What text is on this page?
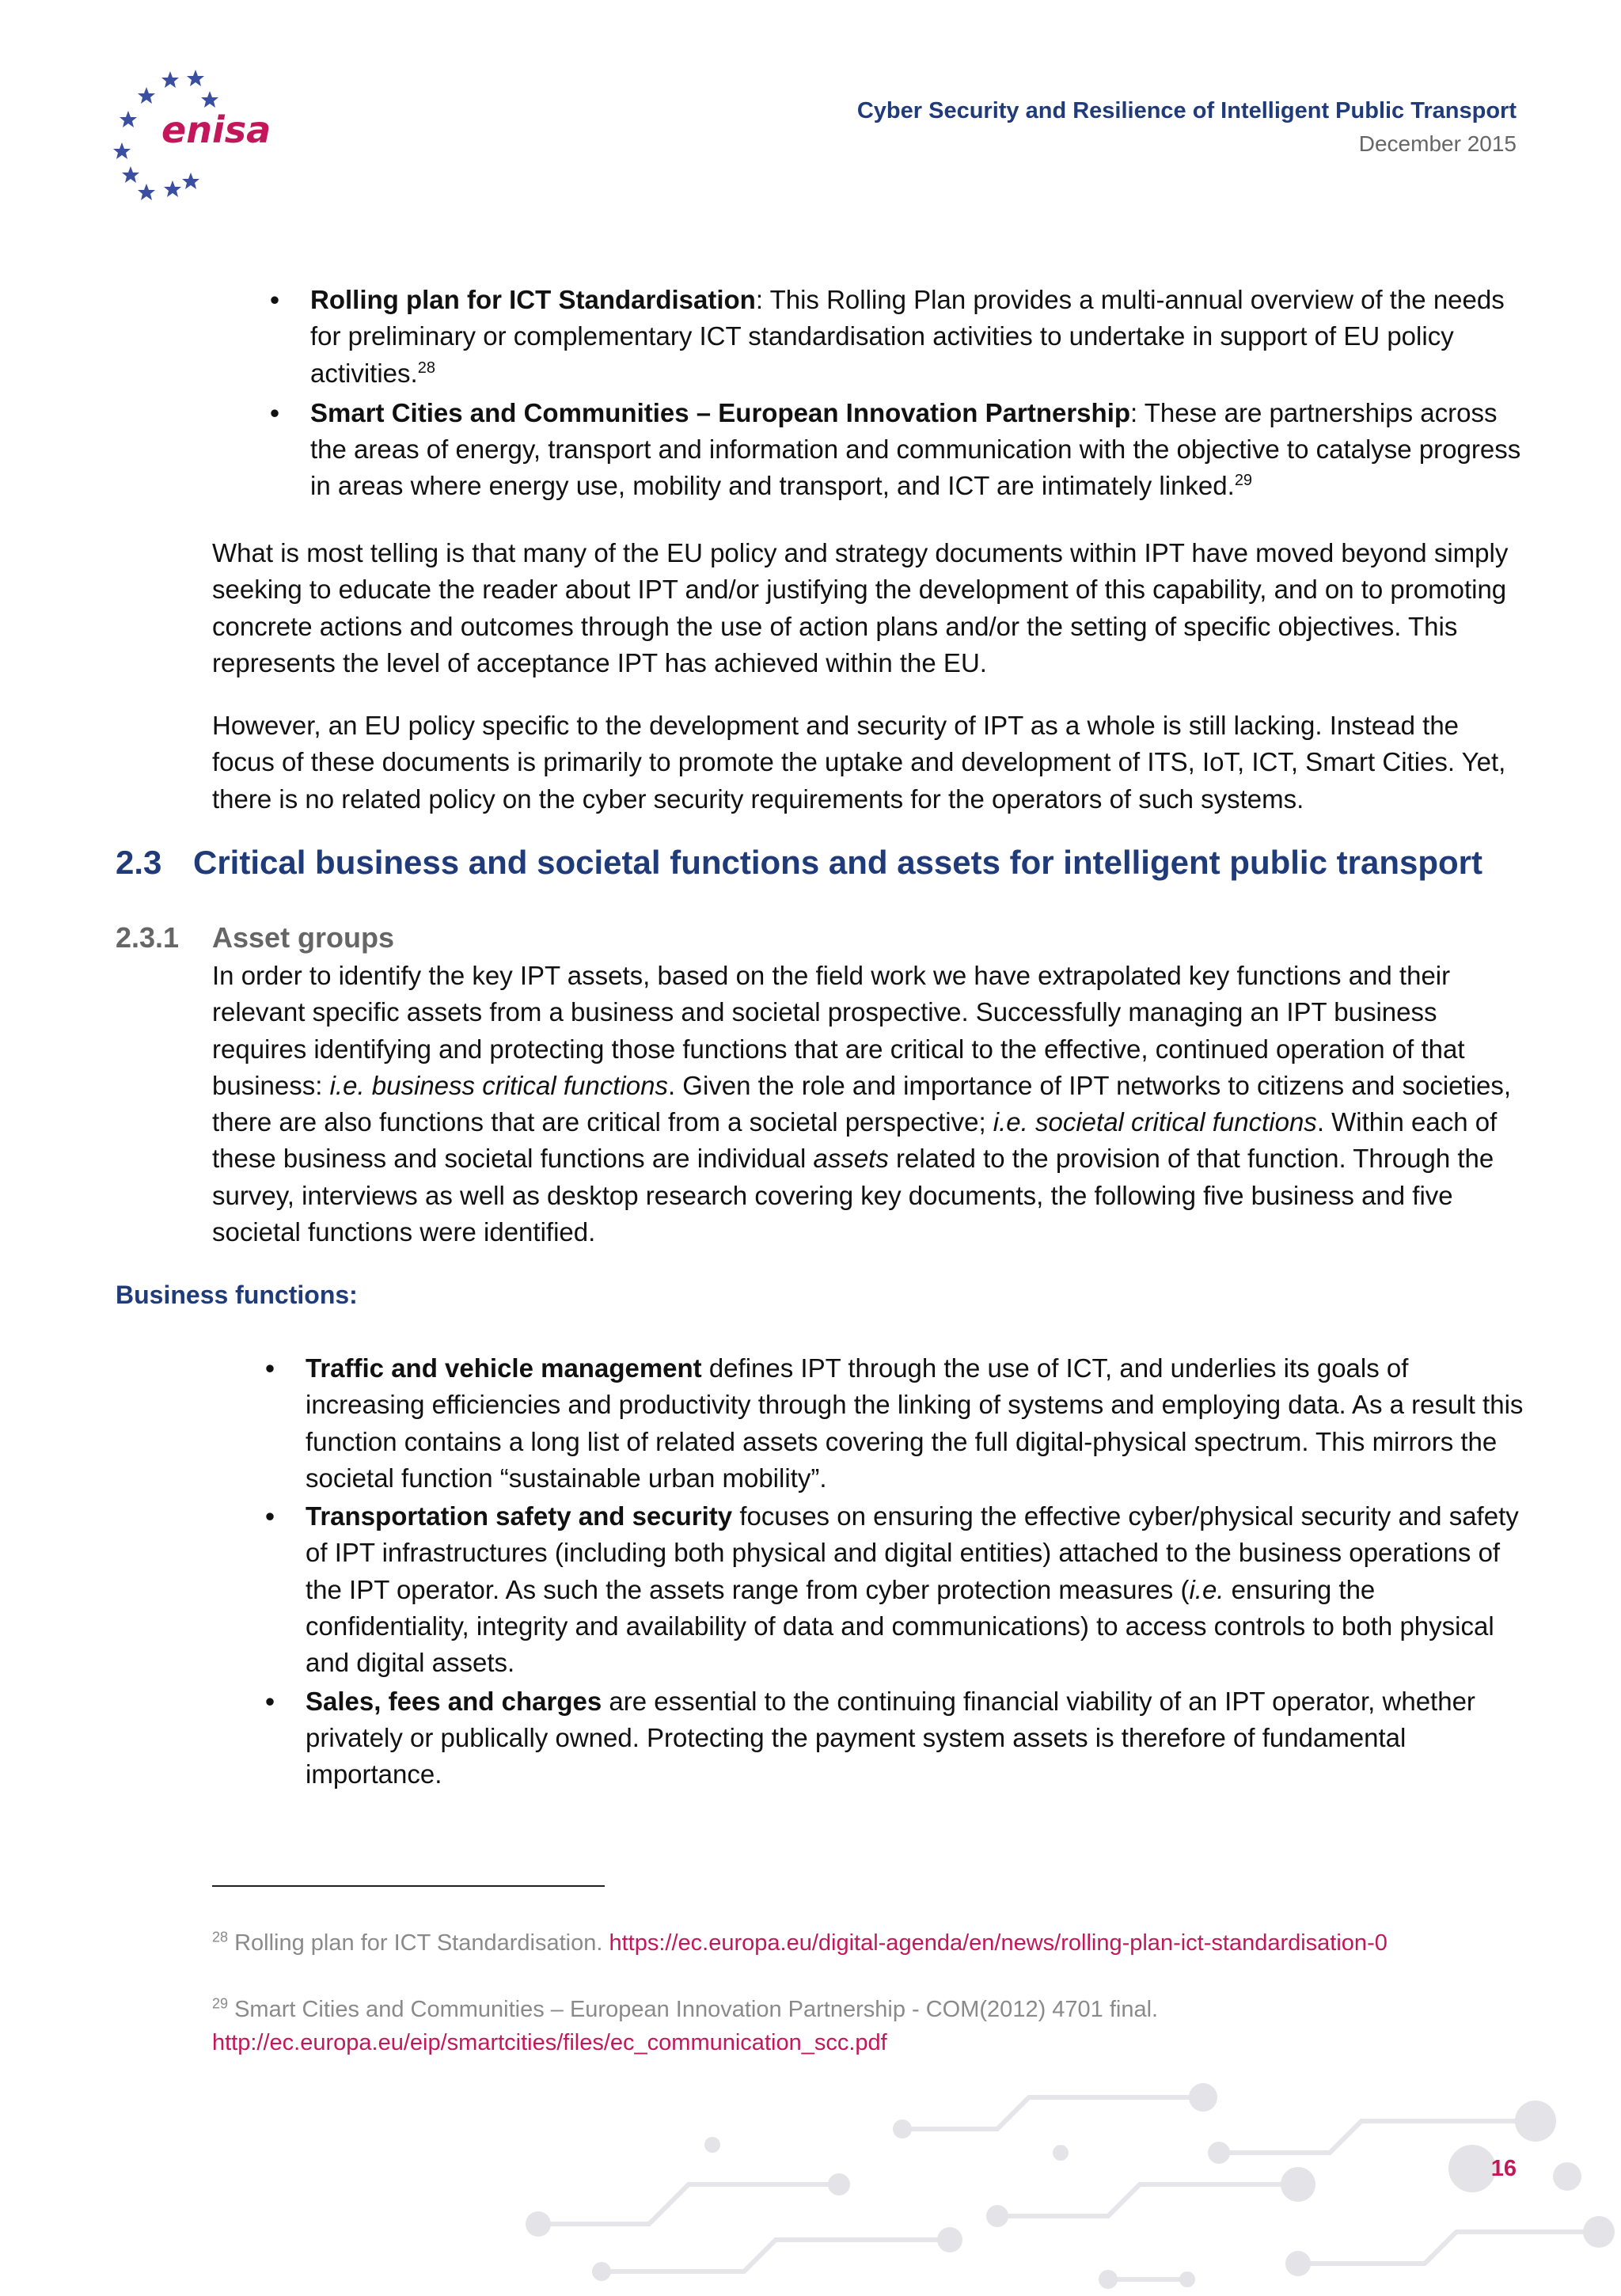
enisa	Cyber Security and Resilience of Intelligent Public Transport
December 2015
• Rolling plan for ICT Standardisation: This Rolling Plan provides a multi-annual overview of the needs for preliminary or complementary ICT standardisation activities to undertake in support of EU policy activities.$^{28}$
• Smart Cities and Communities – European Innovation Partnership: These are partnerships across the areas of energy, transport and information and communication with the objective to catalyse progress in areas where energy use, mobility and transport, and ICT are intimately linked.$^{29}$
What is most telling is that many of the EU policy and strategy documents within IPT have moved beyond simply seeking to educate the reader about IPT and/or justifying the development of this capability, and on to promoting concrete actions and outcomes through the use of action plans and/or the setting of specific objectives. This represents the level of acceptance IPT has achieved within the EU.
However, an EU policy specific to the development and security of IPT as a whole is still lacking. Instead the focus of these documents is primarily to promote the uptake and development of ITS, IoT, ICT, Smart Cities. Yet, there is no related policy on the cyber security requirements for the operators of such systems.
2.3 Critical business and societal functions and assets for intelligent public transport
2.3.1 Asset groups
In order to identify the key IPT assets, based on the field work we have extrapolated key functions and their relevant specific assets from a business and societal prospective. Successfully managing an IPT business requires identifying and protecting those functions that are critical to the effective, continued operation of that business: i.e. business critical functions. Given the role and importance of IPT networks to citizens and societies, there are also functions that are critical from a societal perspective; i.e. societal critical functions. Within each of these business and societal functions are individual assets related to the provision of that function. Through the survey, interviews as well as desktop research covering key documents, the following five business and five societal functions were identified.
Business functions:
• Traffic and vehicle management defines IPT through the use of ICT, and underlies its goals of increasing efficiencies and productivity through the linking of systems and employing data. As a result this function contains a long list of related assets covering the full digital-physical spectrum. This mirrors the societal function “sustainable urban mobility”.
• Transportation safety and security focuses on ensuring the effective cyber/physical security and safety of IPT infrastructures (including both physical and digital entities) attached to the business operations of the IPT operator. As such the assets range from cyber protection measures (i.e. ensuring the confidentiality, integrity and availability of data and communications) to access controls to both physical and digital assets.
• Sales, fees and charges are essential to the continuing financial viability of an IPT operator, whether privately or publically owned. Protecting the payment system assets is therefore of fundamental importance.
$^{28}$ Rolling plan for ICT Standardisation. https://ec.europa.eu/digital-agenda/en/news/rolling-plan-ict-standardisation-0
$^{29}$ Smart Cities and Communities – European Innovation Partnership - COM(2012) 4701 final.
http://ec.europa.eu/eip/smartcities/files/ec_communication_scc.pdf
16
